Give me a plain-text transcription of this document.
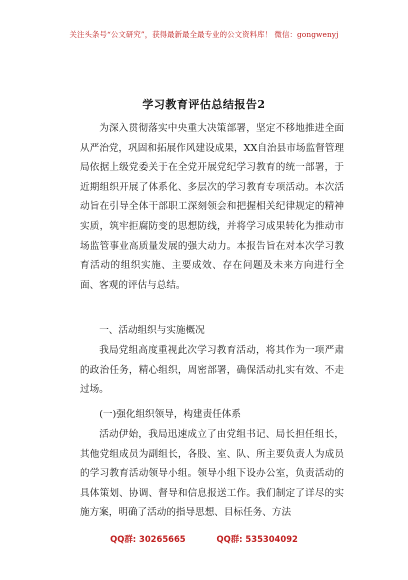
关注头条号“公文研究”，获得最新最全最专业的公文资料库！ 微信：gongwenyj
学习教育评估总结报告2
为深入贯彻落实中央重大决策部署，坚定不移地推进全面从严治党，巩固和拓展作风建设成果，XX自治县市场监督管理局依据上级党委关于在全党开展党纪学习教育的统一部署，于近期组织开展了体系化、多层次的学习教育专项活动。本次活动旨在引导全体干部职工深刻领会和把握相关纪律规定的精神实质，筑牢拒腐防变的思想防线，并将学习成果转化为推动市场监管事业高质量发展的强大动力。本报告旨在对本次学习教育活动的组织实施、主要成效、存在问题及未来方向进行全面、客观的评估与总结。
一、活动组织与实施概况
我局党组高度重视此次学习教育活动，将其作为一项严肃的政治任务，精心组织，周密部署，确保活动扎实有效、不走过场。
(一)强化组织领导，构建责任体系
活动伊始，我局迅速成立了由党组书记、局长担任组长，其他党组成员为副组长，各股、室、队、所主要负责人为成员的学习教育活动领导小组。领导小组下设办公室，负责活动的具体策划、协调、督导和信息报送工作。我们制定了详尽的实施方案，明确了活动的指导思想、目标任务、方法
QQ群: 30265665	QQ群: 535304092
